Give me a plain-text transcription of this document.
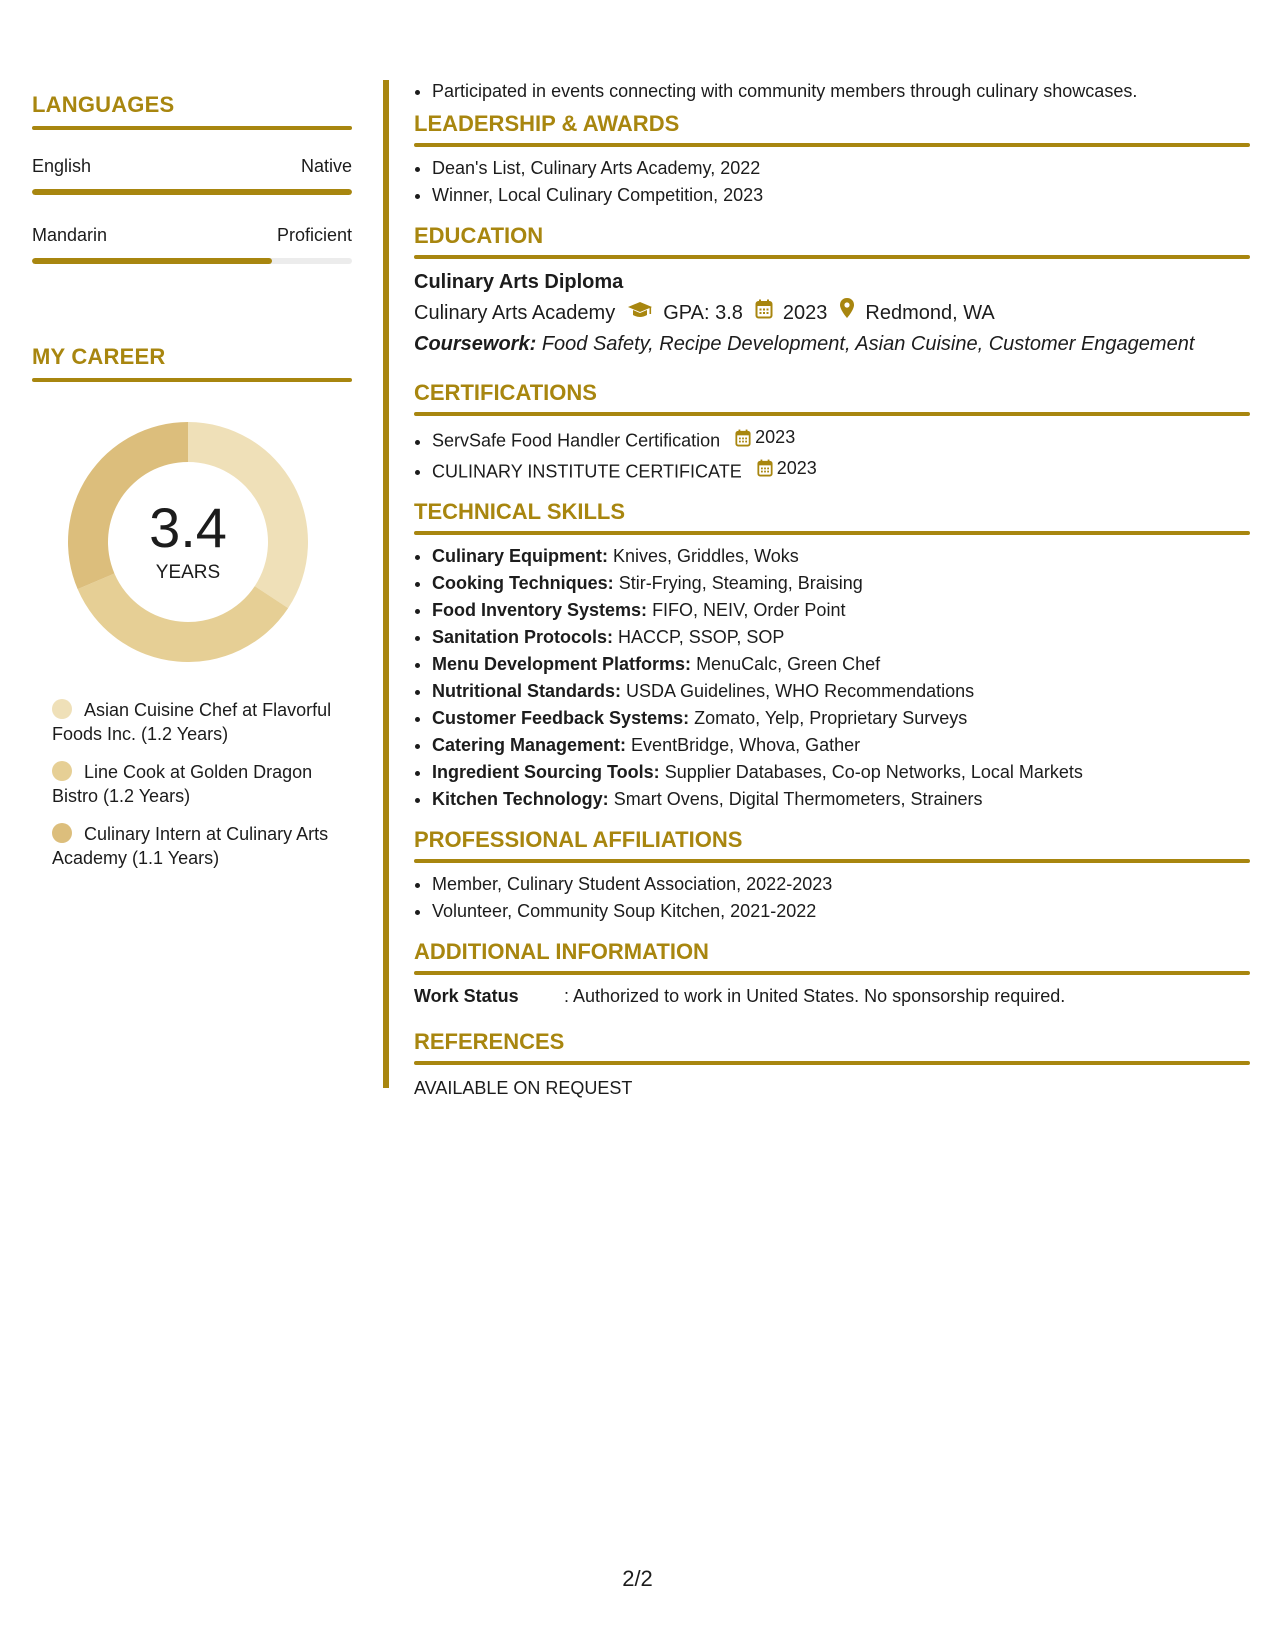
LANGUAGES
English	Native
Mandarin	Proficient
MY CAREER
3.4
YEARS
Asian Cuisine Chef at Flavorful Foods Inc. (1.2 Years)
Line Cook at Golden Dragon Bistro (1.2 Years)
Culinary Intern at Culinary Arts Academy (1.1 Years)
• Participated in events connecting with community members through culinary showcases.
LEADERSHIP & AWARDS
• Dean's List, Culinary Arts Academy, 2022
• Winner, Local Culinary Competition, 2023
EDUCATION
Culinary Arts Diploma
Culinary Arts Academy GPA: 3.8 2023 Redmond, WA
Coursework: Food Safety, Recipe Development, Asian Cuisine, Customer Engagement
CERTIFICATIONS
• ServSafe Food Handler Certification 2023
• CULINARY INSTITUTE CERTIFICATE 2023
TECHNICAL SKILLS
• Culinary Equipment: Knives, Griddles, Woks
• Cooking Techniques: Stir-Frying, Steaming, Braising
• Food Inventory Systems: FIFO, NEIV, Order Point
• Sanitation Protocols: HACCP, SSOP, SOP
• Menu Development Platforms: MenuCalc, Green Chef
• Nutritional Standards: USDA Guidelines, WHO Recommendations
• Customer Feedback Systems: Zomato, Yelp, Proprietary Surveys
• Catering Management: EventBridge, Whova, Gather
• Ingredient Sourcing Tools: Supplier Databases, Co-op Networks, Local Markets
• Kitchen Technology: Smart Ovens, Digital Thermometers, Strainers
PROFESSIONAL AFFILIATIONS
• Member, Culinary Student Association, 2022-2023
• Volunteer, Community Soup Kitchen, 2021-2022
ADDITIONAL INFORMATION
Work Status	: Authorized to work in United States. No sponsorship required.
REFERENCES
AVAILABLE ON REQUEST
2/2
